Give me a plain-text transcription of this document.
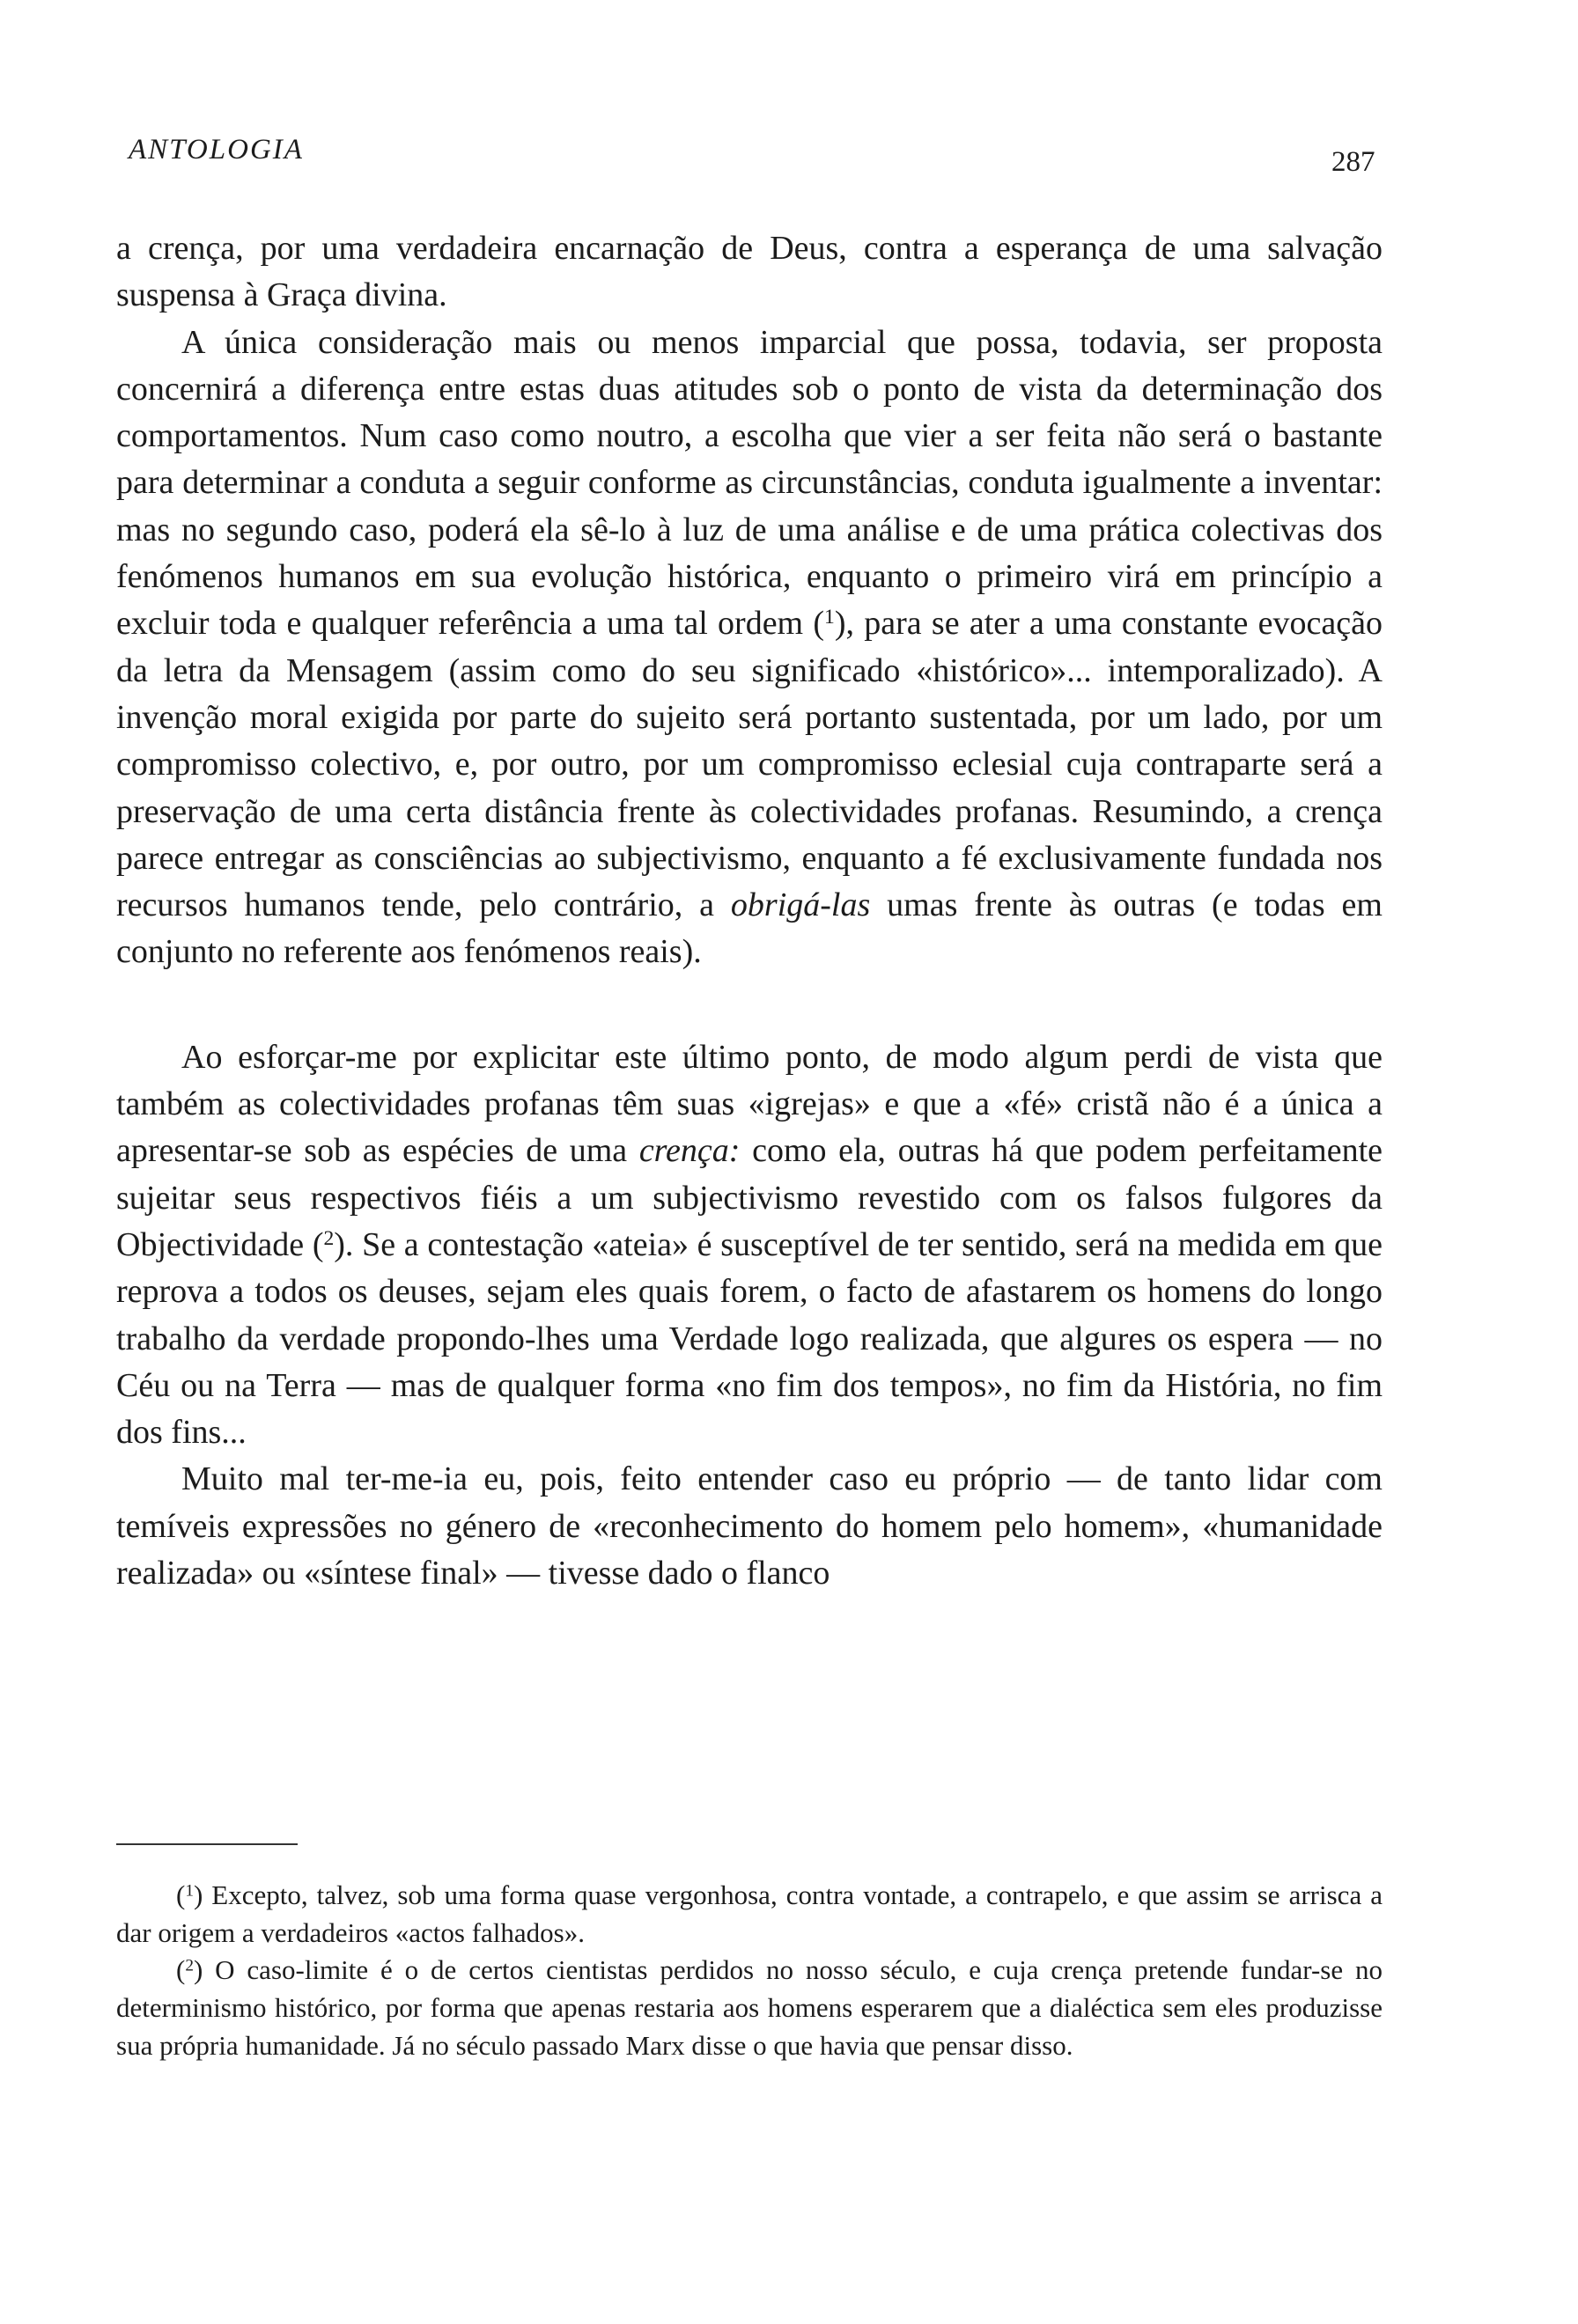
ANTOLOGIA	287

a crença, por uma verdadeira encarnação de Deus, contra a esperança de uma salvação suspensa à Graça divina.

A única consideração mais ou menos imparcial que possa, todavia, ser proposta concernirá a diferença entre estas duas atitudes sob o ponto de vista da determinação dos comportamentos. Num caso como noutro, a escolha que vier a ser feita não será o bastante para determinar a conduta a seguir conforme as circunstâncias, conduta igualmente a inventar: mas no segundo caso, poderá ela sê-lo à luz de uma análise e de uma prática colectivas dos fenómenos humanos em sua evolução histórica, enquanto o primeiro virá em princípio a excluir toda e qualquer referência a uma tal ordem ($^1$), para se ater a uma constante evocação da letra da Mensagem (assim como do seu significado «histórico»... intemporalizado). A invenção moral exigida por parte do sujeito será portanto sustentada, por um lado, por um compromisso colectivo, e, por outro, por um compromisso eclesial cuja contraparte será a preservação de uma certa distância frente às colectividades profanas. Resumindo, a crença parece entregar as consciências ao subjectivismo, enquanto a fé exclusivamente fundada nos recursos humanos tende, pelo contrário, a obrigá-las umas frente às outras (e todas em conjunto no referente aos fenómenos reais).

Ao esforçar-me por explicitar este último ponto, de modo algum perdi de vista que também as colectividades profanas têm suas «igrejas» e que a «fé» cristã não é a única a apresentar-se sob as espécies de uma crença: como ela, outras há que podem perfeitamente sujeitar seus respectivos fiéis a um subjectivismo revestido com os falsos fulgores da Objectividade ($^2$). Se a contestação «ateia» é susceptível de ter sentido, será na medida em que reprova a todos os deuses, sejam eles quais forem, o facto de afastarem os homens do longo trabalho da verdade propondo-lhes uma Verdade logo realizada, que algures os espera — no Céu ou na Terra — mas de qualquer forma «no fim dos tempos», no fim da História, no fim dos fins...

Muito mal ter-me-ia eu, pois, feito entender caso eu próprio — de tanto lidar com temíveis expressões no género de «reconhecimento do homem pelo homem», «humanidade realizada» ou «síntese final» — tivesse dado o flanco

($^1$) Excepto, talvez, sob uma forma quase vergonhosa, contra vontade, a contrapelo, e que assim se arrisca a dar origem a verdadeiros «actos falhados».

($^2$) O caso-limite é o de certos cientistas perdidos no nosso século, e cuja crença pretende fundar-se no determinismo histórico, por forma que apenas restaria aos homens esperarem que a dialéctica sem eles produzisse sua própria humanidade. Já no século passado Marx disse o que havia que pensar disso.
